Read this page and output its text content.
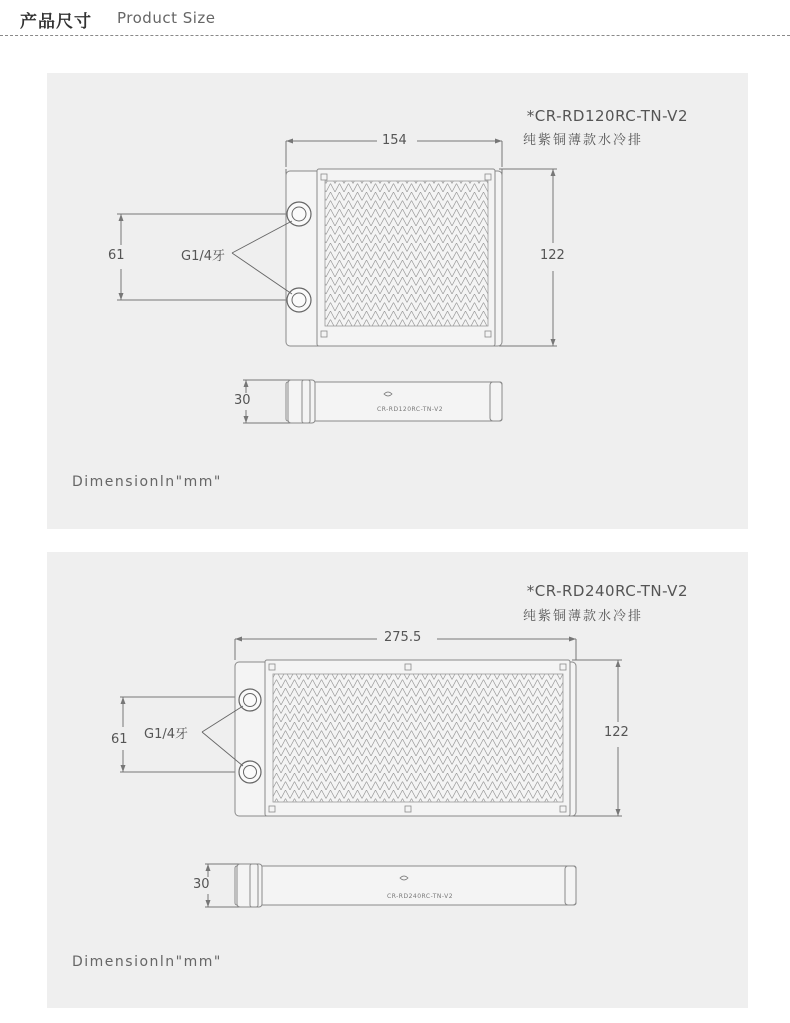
产品尺寸 Product Size
*CR-RD120RC-TN-V2
纯紫铜薄款水冷排
154
122
61	G1/4牙
30
CR-RD120RC-TN-V2
Dimensionln"mm"
*CR-RD240RC-TN-V2
纯紫铜薄款水冷排
275.5
122
61 G1/4牙
30
CR-RD240RC-TN-V2
Dimensionln"mm"
